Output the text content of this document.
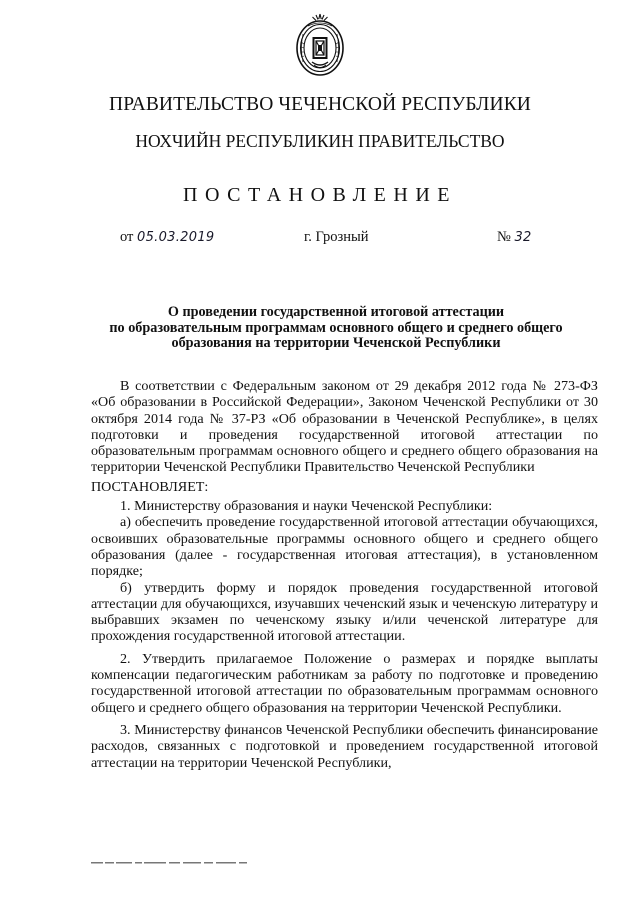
ПРАВИТЕЛЬСТВО ЧЕЧЕНСКОЙ РЕСПУБЛИКИ
НОХЧИЙН РЕСПУБЛИКИН ПРАВИТЕЛЬСТВО
ПОСТАНОВЛЕНИЕ
от 05.03.2019	г. Грозный	№ 32
О проведении государственной итоговой аттестации
по образовательным программам основного общего и среднего общего
образования на территории Чеченской Республики

В соответствии с Федеральным законом от 29 декабря 2012 года № 273-ФЗ «Об образовании в Российской Федерации», Законом Чеченской Республики от 30 октября 2014 года № 37-РЗ «Об образовании в Чеченской Республике», в целях подготовки и проведения государственной итоговой аттестации по образовательным программам основного общего и среднего общего образования на территории Чеченской Республики Правительство Чеченской Республики

ПОСТАНОВЛЯЕТ:

1. Министерству образования и науки Чеченской Республики:

а) обеспечить проведение государственной итоговой аттестации обучающихся, освоивших образовательные программы основного общего и среднего общего образования (далее - государственная итоговая аттестация), в установленном порядке;

б) утвердить форму и порядок проведения государственной итоговой аттестации для обучающихся, изучавших чеченский язык и чеченскую литературу и выбравших экзамен по чеченскому языку и/или чеченской литературе для прохождения государственной итоговой аттестации.

2. Утвердить прилагаемое Положение о размерах и порядке выплаты компенсации педагогическим работникам за работу по подготовке и проведению государственной итоговой аттестации по образовательным программам основного общего и среднего общего образования на территории Чеченской Республики.

3. Министерству финансов Чеченской Республики обеспечить финансирование расходов, связанных с подготовкой и проведением государственной итоговой аттестации на территории Чеченской Республики,
